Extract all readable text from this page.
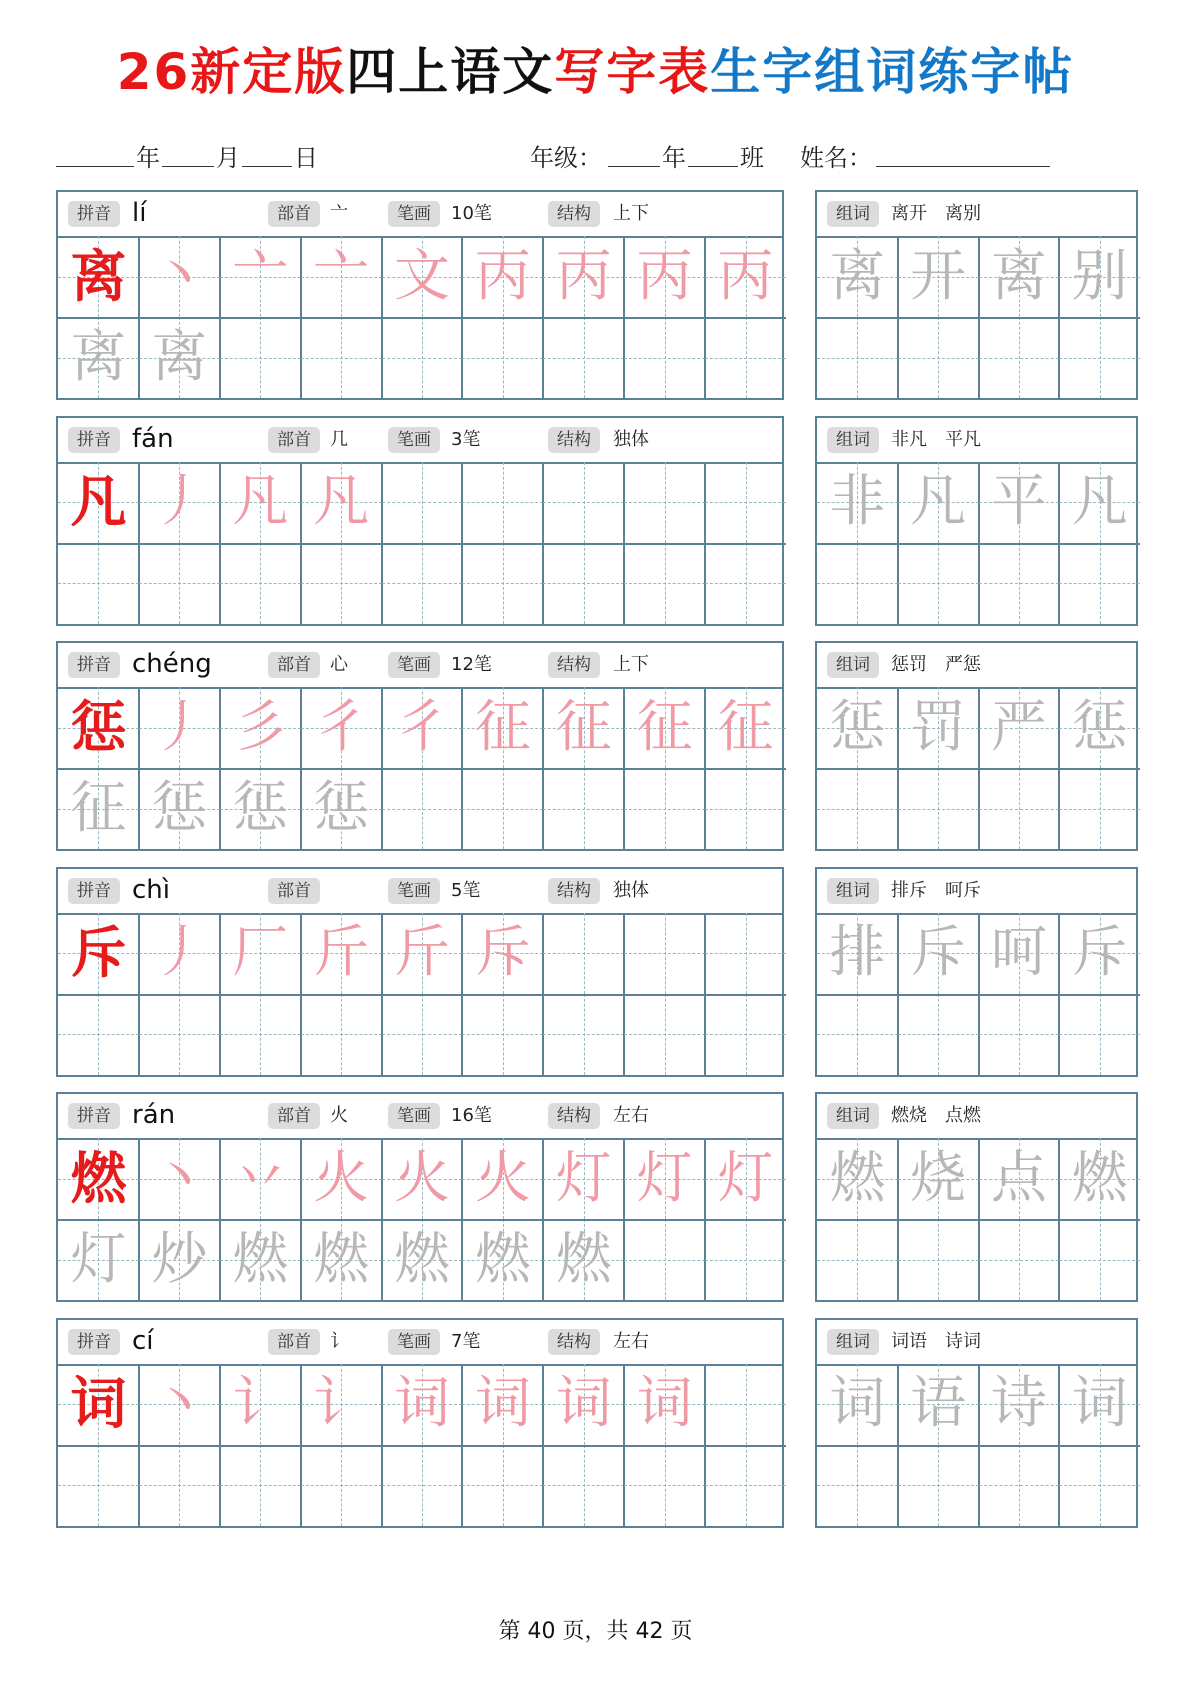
26新定版四上语文写字表生字组词练字帖
年 月 日	年级：	年 班 姓名：
拼音 lí	部首	亠	笔画	10笔	结构	上下
离 丶 亠 亠 文 丙 丙 丙 丙
离 离
组词	离开　离别
离 开 离 别
拼音 fán	部首	几	笔画	3笔	结构	独体
凡 丿 凡 凡
组词	非凡　平凡
非 凡 平 凡
拼音 chéng	部首	心	笔画	12笔	结构	上下
惩 丿 彡 彳 彳 征 征 征 征
征 惩 惩 惩
组词	惩罚　严惩
惩 罚 严 惩
拼音 chì	部首	笔画	5笔	结构	独体
斥 丿 厂 斤 斤 斥
组词	排斥　呵斥
排 斥 呵 斥
拼音 rán	部首	火	笔画	16笔	结构	左右
燃 丶 丷 火 火 火 灯 灯 灯
灯 炒 燃 燃 燃 燃 燃
组词	燃烧　点燃
燃 烧 点 燃
拼音 cí	部首	讠	笔画	7笔	结构	左右
词 丶 讠 讠 词 词 词 词
组词	词语　诗词
词 语 诗 词
第 40 页，共 42 页
